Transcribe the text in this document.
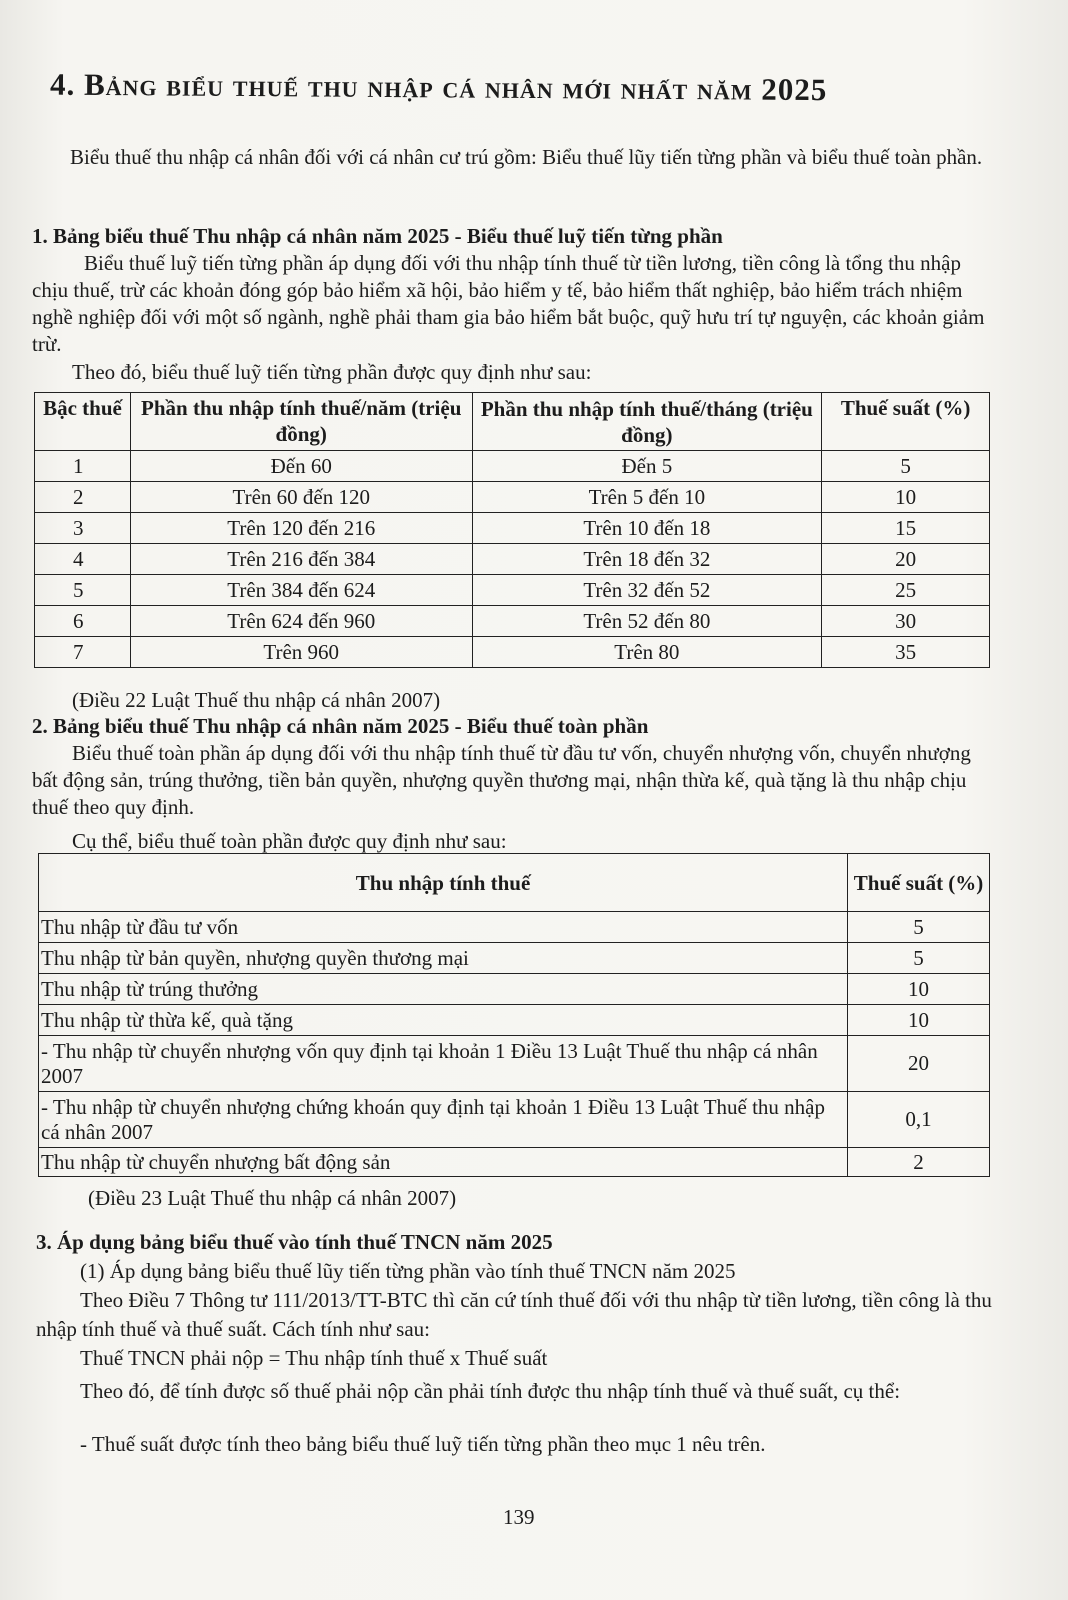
4. Bảng biểu thuế thu nhập cá nhân mới nhất năm 2025
Biểu thuế thu nhập cá nhân đối với cá nhân cư trú gồm: Biểu thuế lũy tiến từng phần và biểu thuế toàn phần.
1. Bảng biểu thuế Thu nhập cá nhân năm 2025 - Biểu thuế luỹ tiến từng phần
Biểu thuế luỹ tiến từng phần áp dụng đối với thu nhập tính thuế từ tiền lương, tiền công là tổng thu nhập chịu thuế, trừ các khoản đóng góp bảo hiểm xã hội, bảo hiểm y tế, bảo hiểm thất nghiệp, bảo hiểm trách nhiệm nghề nghiệp đối với một số ngành, nghề phải tham gia bảo hiểm bắt buộc, quỹ hưu trí tự nguyện, các khoản giảm trừ.
Theo đó, biểu thuế luỹ tiến từng phần được quy định như sau:
Bậc thuế	Phần thu nhập tính thuế/năm (triệu đồng)	Phần thu nhập tính thuế/tháng (triệu đồng)	Thuế suất (%)
1	Đến 60	Đến 5	5
2	Trên 60 đến 120	Trên 5 đến 10	10
3	Trên 120 đến 216	Trên 10 đến 18	15
4	Trên 216 đến 384	Trên 18 đến 32	20
5	Trên 384 đến 624	Trên 32 đến 52	25
6	Trên 624 đến 960	Trên 52 đến 80	30
7	Trên 960	Trên 80	35
(Điều 22 Luật Thuế thu nhập cá nhân 2007)
2. Bảng biểu thuế Thu nhập cá nhân năm 2025 - Biểu thuế toàn phần
Biểu thuế toàn phần áp dụng đối với thu nhập tính thuế từ đầu tư vốn, chuyển nhượng vốn, chuyển nhượng bất động sản, trúng thưởng, tiền bản quyền, nhượng quyền thương mại, nhận thừa kế, quà tặng là thu nhập chịu thuế theo quy định.
Cụ thể, biểu thuế toàn phần được quy định như sau:
Thu nhập tính thuế	Thuế suất (%)
Thu nhập từ đầu tư vốn	5
Thu nhập từ bản quyền, nhượng quyền thương mại	5
Thu nhập từ trúng thưởng	10
Thu nhập từ thừa kế, quà tặng	10
- Thu nhập từ chuyển nhượng vốn quy định tại khoản 1 Điều 13 Luật Thuế thu nhập cá nhân 2007	20
- Thu nhập từ chuyển nhượng chứng khoán quy định tại khoản 1 Điều 13 Luật Thuế thu nhập cá nhân 2007	0,1
Thu nhập từ chuyển nhượng bất động sản	2
(Điều 23 Luật Thuế thu nhập cá nhân 2007)
3. Áp dụng bảng biểu thuế vào tính thuế TNCN năm 2025
(1) Áp dụng bảng biểu thuế lũy tiến từng phần vào tính thuế TNCN năm 2025
Theo Điều 7 Thông tư 111/2013/TT-BTC thì căn cứ tính thuế đối với thu nhập từ tiền lương, tiền công là thu nhập tính thuế và thuế suất. Cách tính như sau:
Thuế TNCN phải nộp = Thu nhập tính thuế x Thuế suất
Theo đó, để tính được số thuế phải nộp cần phải tính được thu nhập tính thuế và thuế suất, cụ thể:
- Thuế suất được tính theo bảng biểu thuế luỹ tiến từng phần theo mục 1 nêu trên.
139
